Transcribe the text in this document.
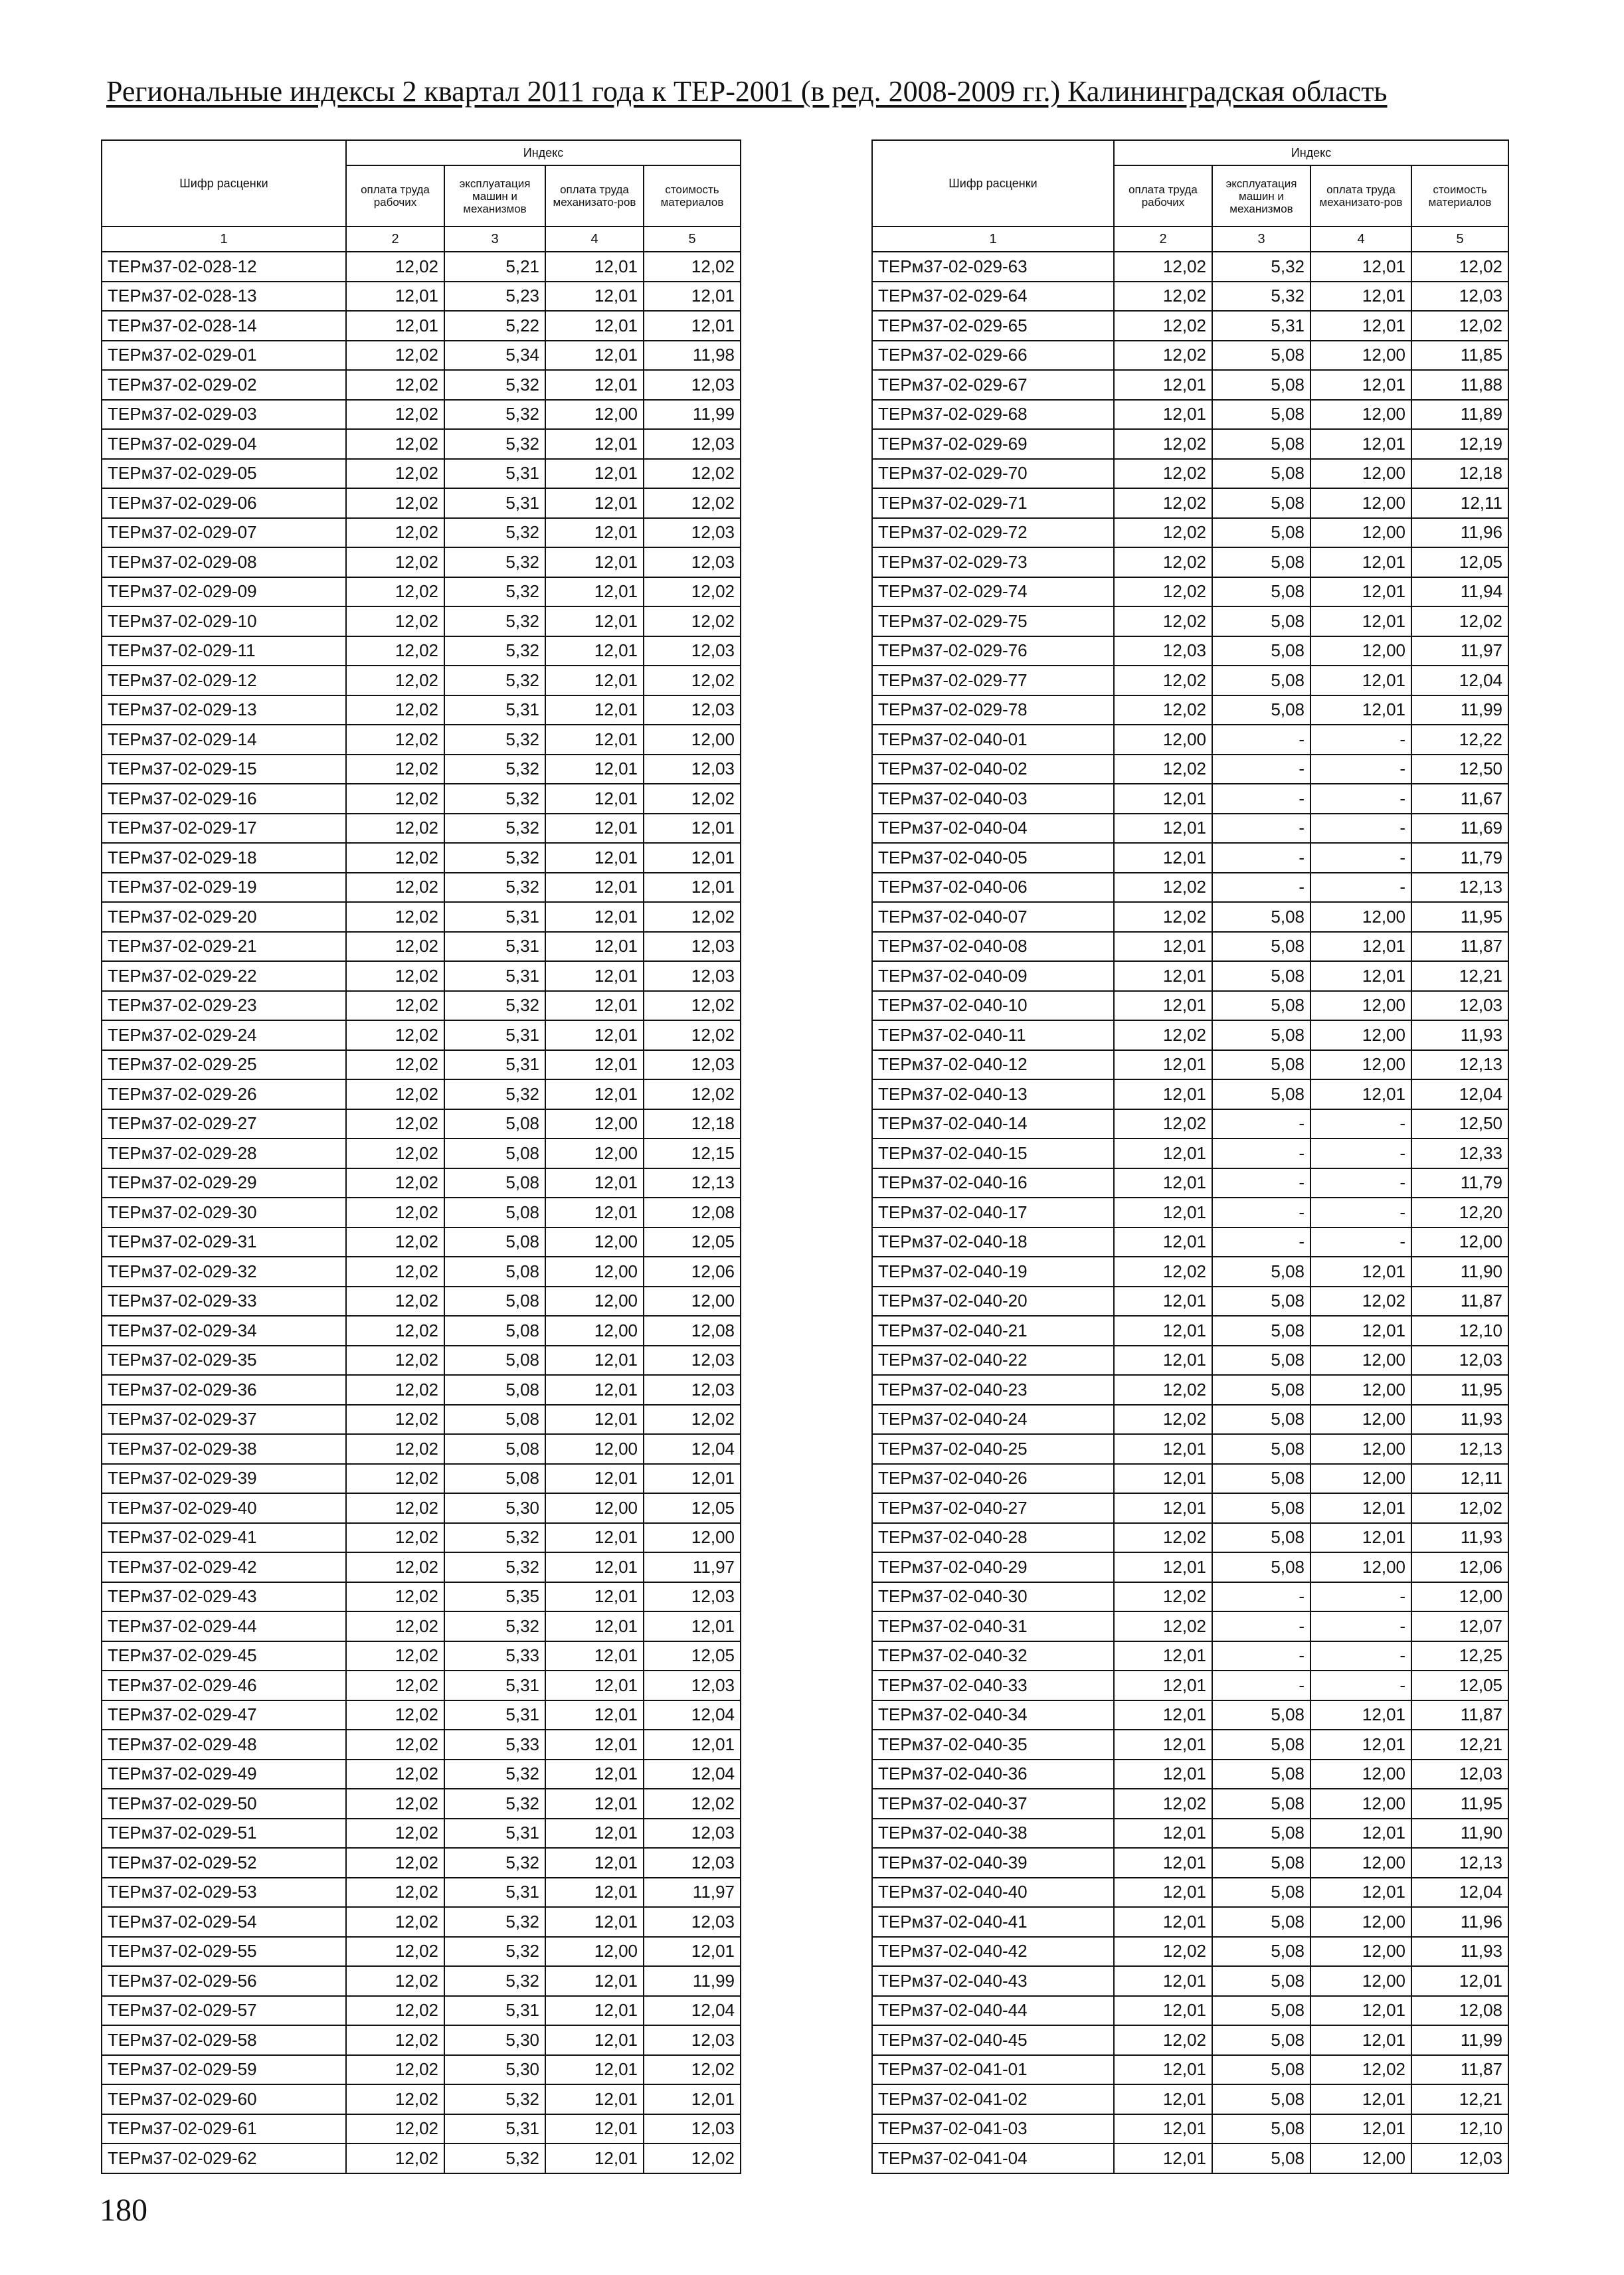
Региональные индексы 2 квартал 2011 года к ТЕР-2001 (в ред. 2008-2009 гг.) Калининградская область
Шифр расценки	Индекс			
	оплата труда рабочих	эксплуатация машин и механизмов	оплата труда механизато-ров	стоимость материалов
1	2	3	4	5
ТЕРм37-02-028-12	12,02	5,21	12,01	12,02
ТЕРм37-02-028-13	12,01	5,23	12,01	12,01
ТЕРм37-02-028-14	12,01	5,22	12,01	12,01
ТЕРм37-02-029-01	12,02	5,34	12,01	11,98
ТЕРм37-02-029-02	12,02	5,32	12,01	12,03
ТЕРм37-02-029-03	12,02	5,32	12,00	11,99
ТЕРм37-02-029-04	12,02	5,32	12,01	12,03
ТЕРм37-02-029-05	12,02	5,31	12,01	12,02
ТЕРм37-02-029-06	12,02	5,31	12,01	12,02
ТЕРм37-02-029-07	12,02	5,32	12,01	12,03
ТЕРм37-02-029-08	12,02	5,32	12,01	12,03
ТЕРм37-02-029-09	12,02	5,32	12,01	12,02
ТЕРм37-02-029-10	12,02	5,32	12,01	12,02
ТЕРм37-02-029-11	12,02	5,32	12,01	12,03
ТЕРм37-02-029-12	12,02	5,32	12,01	12,02
ТЕРм37-02-029-13	12,02	5,31	12,01	12,03
ТЕРм37-02-029-14	12,02	5,32	12,01	12,00
ТЕРм37-02-029-15	12,02	5,32	12,01	12,03
ТЕРм37-02-029-16	12,02	5,32	12,01	12,02
ТЕРм37-02-029-17	12,02	5,32	12,01	12,01
ТЕРм37-02-029-18	12,02	5,32	12,01	12,01
ТЕРм37-02-029-19	12,02	5,32	12,01	12,01
ТЕРм37-02-029-20	12,02	5,31	12,01	12,02
ТЕРм37-02-029-21	12,02	5,31	12,01	12,03
ТЕРм37-02-029-22	12,02	5,31	12,01	12,03
ТЕРм37-02-029-23	12,02	5,32	12,01	12,02
ТЕРм37-02-029-24	12,02	5,31	12,01	12,02
ТЕРм37-02-029-25	12,02	5,31	12,01	12,03
ТЕРм37-02-029-26	12,02	5,32	12,01	12,02
ТЕРм37-02-029-27	12,02	5,08	12,00	12,18
ТЕРм37-02-029-28	12,02	5,08	12,00	12,15
ТЕРм37-02-029-29	12,02	5,08	12,01	12,13
ТЕРм37-02-029-30	12,02	5,08	12,01	12,08
ТЕРм37-02-029-31	12,02	5,08	12,00	12,05
ТЕРм37-02-029-32	12,02	5,08	12,00	12,06
ТЕРм37-02-029-33	12,02	5,08	12,00	12,00
ТЕРм37-02-029-34	12,02	5,08	12,00	12,08
ТЕРм37-02-029-35	12,02	5,08	12,01	12,03
ТЕРм37-02-029-36	12,02	5,08	12,01	12,03
ТЕРм37-02-029-37	12,02	5,08	12,01	12,02
ТЕРм37-02-029-38	12,02	5,08	12,00	12,04
ТЕРм37-02-029-39	12,02	5,08	12,01	12,01
ТЕРм37-02-029-40	12,02	5,30	12,00	12,05
ТЕРм37-02-029-41	12,02	5,32	12,01	12,00
ТЕРм37-02-029-42	12,02	5,32	12,01	11,97
ТЕРм37-02-029-43	12,02	5,35	12,01	12,03
ТЕРм37-02-029-44	12,02	5,32	12,01	12,01
ТЕРм37-02-029-45	12,02	5,33	12,01	12,05
ТЕРм37-02-029-46	12,02	5,31	12,01	12,03
ТЕРм37-02-029-47	12,02	5,31	12,01	12,04
ТЕРм37-02-029-48	12,02	5,33	12,01	12,01
ТЕРм37-02-029-49	12,02	5,32	12,01	12,04
ТЕРм37-02-029-50	12,02	5,32	12,01	12,02
ТЕРм37-02-029-51	12,02	5,31	12,01	12,03
ТЕРм37-02-029-52	12,02	5,32	12,01	12,03
ТЕРм37-02-029-53	12,02	5,31	12,01	11,97
ТЕРм37-02-029-54	12,02	5,32	12,01	12,03
ТЕРм37-02-029-55	12,02	5,32	12,00	12,01
ТЕРм37-02-029-56	12,02	5,32	12,01	11,99
ТЕРм37-02-029-57	12,02	5,31	12,01	12,04
ТЕРм37-02-029-58	12,02	5,30	12,01	12,03
ТЕРм37-02-029-59	12,02	5,30	12,01	12,02
ТЕРм37-02-029-60	12,02	5,32	12,01	12,01
ТЕРм37-02-029-61	12,02	5,31	12,01	12,03
ТЕРм37-02-029-62	12,02	5,32	12,01	12,02
Шифр расценки	Индекс			
	оплата труда рабочих	эксплуатация машин и механизмов	оплата труда механизато-ров	стоимость материалов
1	2	3	4	5
ТЕРм37-02-029-63	12,02	5,32	12,01	12,02
ТЕРм37-02-029-64	12,02	5,32	12,01	12,03
ТЕРм37-02-029-65	12,02	5,31	12,01	12,02
ТЕРм37-02-029-66	12,02	5,08	12,00	11,85
ТЕРм37-02-029-67	12,01	5,08	12,01	11,88
ТЕРм37-02-029-68	12,01	5,08	12,00	11,89
ТЕРм37-02-029-69	12,02	5,08	12,01	12,19
ТЕРм37-02-029-70	12,02	5,08	12,00	12,18
ТЕРм37-02-029-71	12,02	5,08	12,00	12,11
ТЕРм37-02-029-72	12,02	5,08	12,00	11,96
ТЕРм37-02-029-73	12,02	5,08	12,01	12,05
ТЕРм37-02-029-74	12,02	5,08	12,01	11,94
ТЕРм37-02-029-75	12,02	5,08	12,01	12,02
ТЕРм37-02-029-76	12,03	5,08	12,00	11,97
ТЕРм37-02-029-77	12,02	5,08	12,01	12,04
ТЕРм37-02-029-78	12,02	5,08	12,01	11,99
ТЕРм37-02-040-01	12,00	-	-	12,22
ТЕРм37-02-040-02	12,02	-	-	12,50
ТЕРм37-02-040-03	12,01	-	-	11,67
ТЕРм37-02-040-04	12,01	-	-	11,69
ТЕРм37-02-040-05	12,01	-	-	11,79
ТЕРм37-02-040-06	12,02	-	-	12,13
ТЕРм37-02-040-07	12,02	5,08	12,00	11,95
ТЕРм37-02-040-08	12,01	5,08	12,01	11,87
ТЕРм37-02-040-09	12,01	5,08	12,01	12,21
ТЕРм37-02-040-10	12,01	5,08	12,00	12,03
ТЕРм37-02-040-11	12,02	5,08	12,00	11,93
ТЕРм37-02-040-12	12,01	5,08	12,00	12,13
ТЕРм37-02-040-13	12,01	5,08	12,01	12,04
ТЕРм37-02-040-14	12,02	-	-	12,50
ТЕРм37-02-040-15	12,01	-	-	12,33
ТЕРм37-02-040-16	12,01	-	-	11,79
ТЕРм37-02-040-17	12,01	-	-	12,20
ТЕРм37-02-040-18	12,01	-	-	12,00
ТЕРм37-02-040-19	12,02	5,08	12,01	11,90
ТЕРм37-02-040-20	12,01	5,08	12,02	11,87
ТЕРм37-02-040-21	12,01	5,08	12,01	12,10
ТЕРм37-02-040-22	12,01	5,08	12,00	12,03
ТЕРм37-02-040-23	12,02	5,08	12,00	11,95
ТЕРм37-02-040-24	12,02	5,08	12,00	11,93
ТЕРм37-02-040-25	12,01	5,08	12,00	12,13
ТЕРм37-02-040-26	12,01	5,08	12,00	12,11
ТЕРм37-02-040-27	12,01	5,08	12,01	12,02
ТЕРм37-02-040-28	12,02	5,08	12,01	11,93
ТЕРм37-02-040-29	12,01	5,08	12,00	12,06
ТЕРм37-02-040-30	12,02	-	-	12,00
ТЕРм37-02-040-31	12,02	-	-	12,07
ТЕРм37-02-040-32	12,01	-	-	12,25
ТЕРм37-02-040-33	12,01	-	-	12,05
ТЕРм37-02-040-34	12,01	5,08	12,01	11,87
ТЕРм37-02-040-35	12,01	5,08	12,01	12,21
ТЕРм37-02-040-36	12,01	5,08	12,00	12,03
ТЕРм37-02-040-37	12,02	5,08	12,00	11,95
ТЕРм37-02-040-38	12,01	5,08	12,01	11,90
ТЕРм37-02-040-39	12,01	5,08	12,00	12,13
ТЕРм37-02-040-40	12,01	5,08	12,01	12,04
ТЕРм37-02-040-41	12,01	5,08	12,00	11,96
ТЕРм37-02-040-42	12,02	5,08	12,00	11,93
ТЕРм37-02-040-43	12,01	5,08	12,00	12,01
ТЕРм37-02-040-44	12,01	5,08	12,01	12,08
ТЕРм37-02-040-45	12,02	5,08	12,01	11,99
ТЕРм37-02-041-01	12,01	5,08	12,02	11,87
ТЕРм37-02-041-02	12,01	5,08	12,01	12,21
ТЕРм37-02-041-03	12,01	5,08	12,01	12,10
ТЕРм37-02-041-04	12,01	5,08	12,00	12,03
180
